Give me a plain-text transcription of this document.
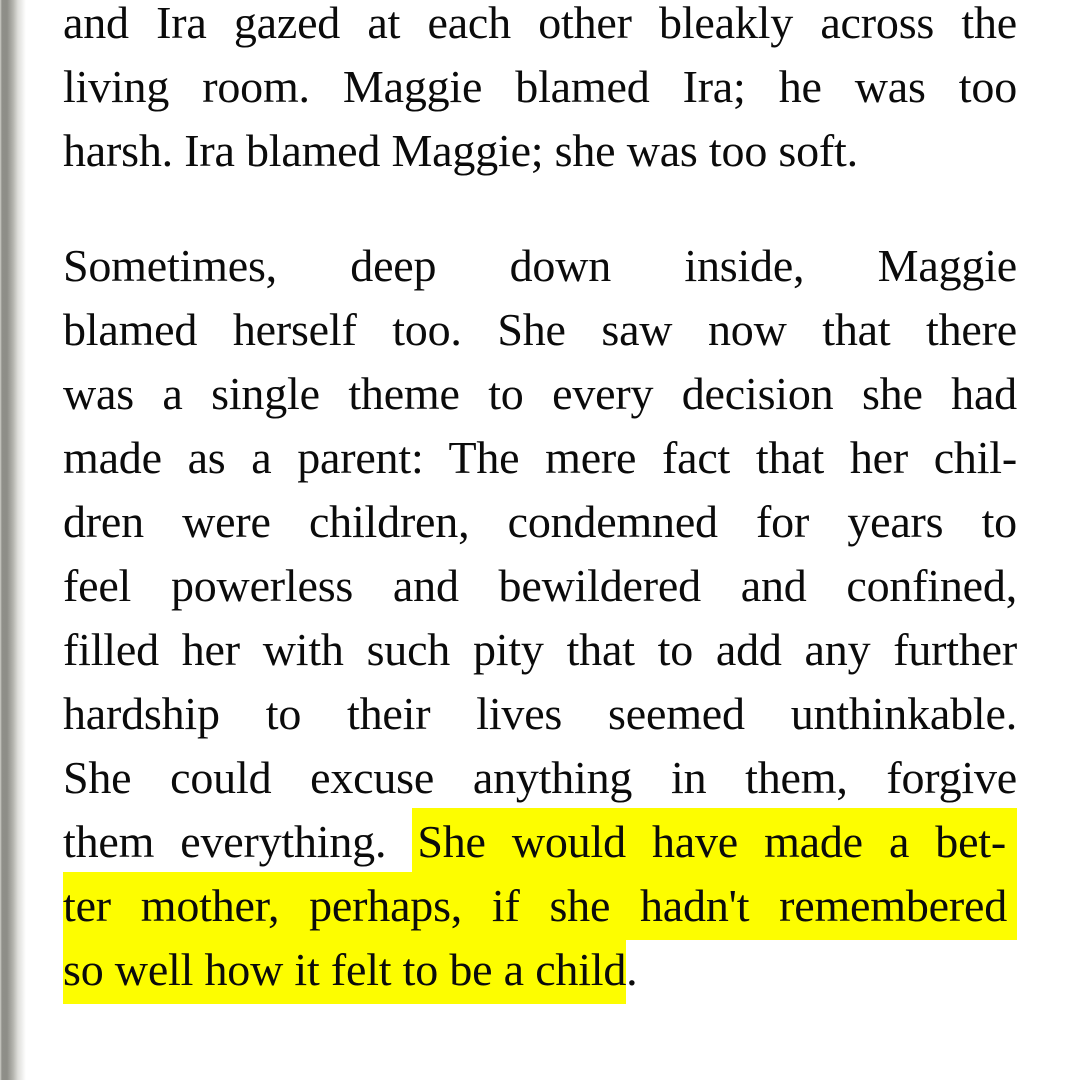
and Ira gazed at each other bleakly across the
living room. Maggie blamed Ira; he was too
harsh. Ira blamed Maggie; she was too soft.
Sometimes, deep down inside, Maggie
blamed herself too. She saw now that there
was a single theme to every decision she had
made as a parent: The mere fact that her chil-
dren were children, condemned for years to
feel powerless and bewildered and confined,
filled her with such pity that to add any further
hardship to their lives seemed unthinkable.
She could excuse anything in them, forgive
them everything. She would have made a bet-
ter mother, perhaps, if she hadn't remembered
so well how it felt to be a child.
